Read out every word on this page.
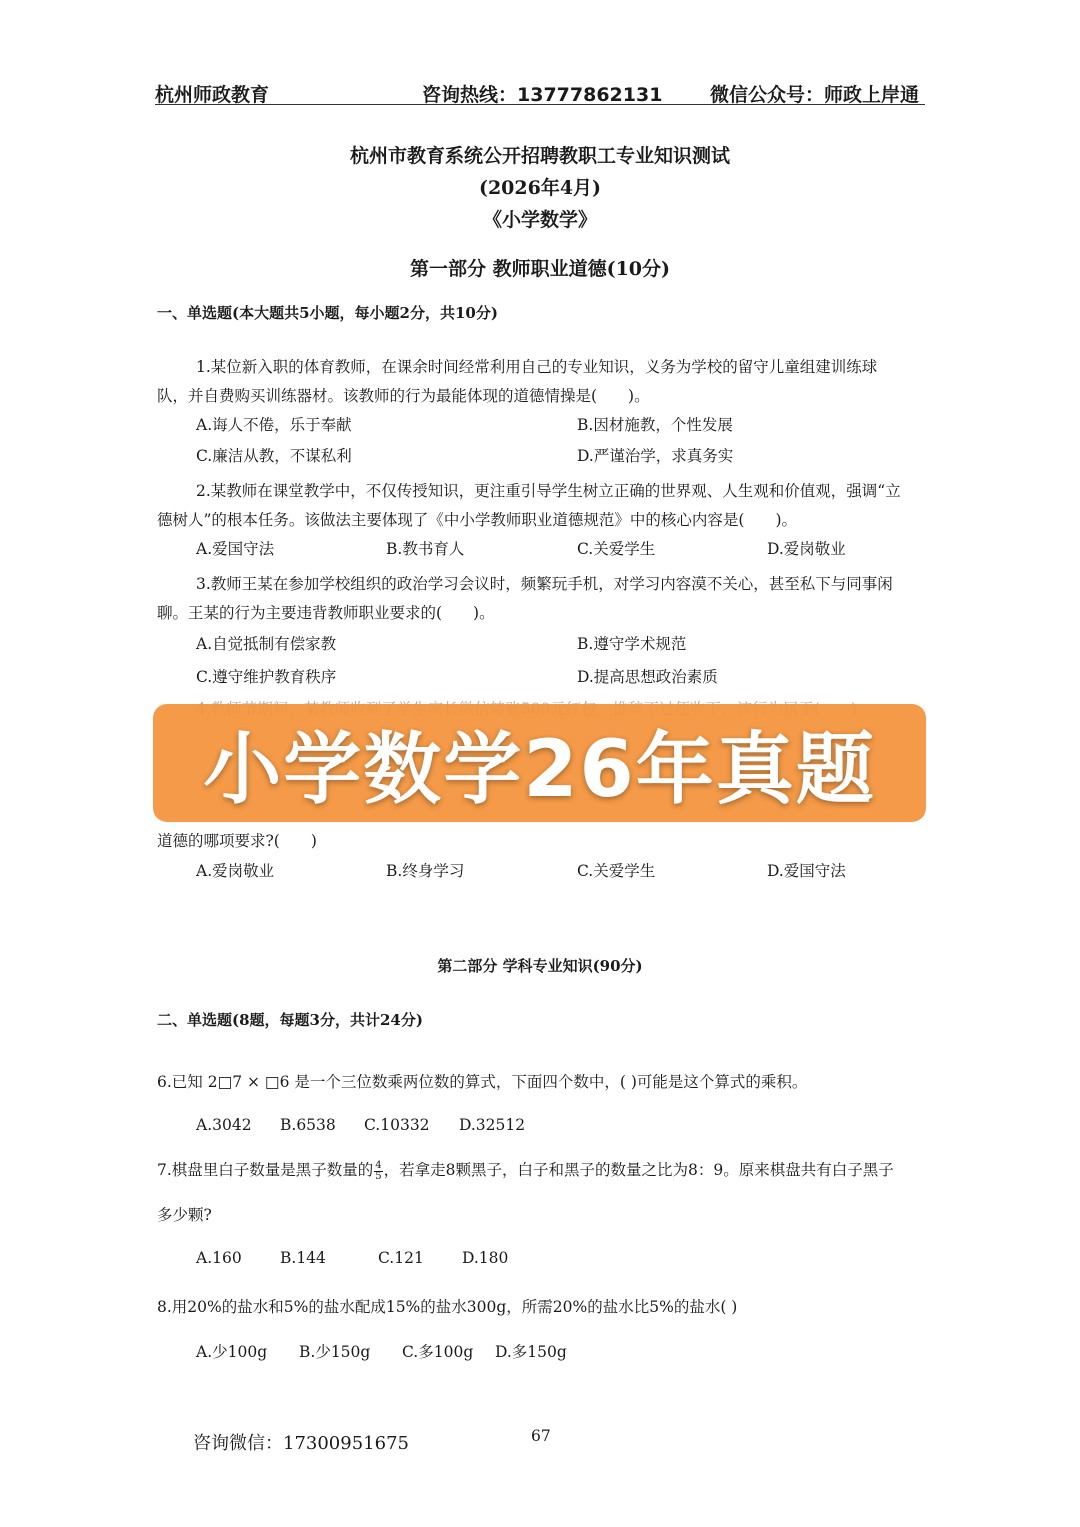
杭州师政教育	咨询热线：13777862131	微信公众号：师政上岸通
杭州市教育系统公开招聘教职工专业知识测试
(2026年4月)
《小学数学》
第一部分 教师职业道德(10分)
一、单选题(本大题共5小题，每小题2分，共10分)
1.某位新入职的体育教师，在课余时间经常利用自己的专业知识，义务为学校的留守儿童组建训练球
队，并自费购买训练器材。该教师的行为最能体现的道德情操是(　　)。
A.诲人不倦，乐于奉献	B.因材施教，个性发展
C.廉洁从教，不谋私利	D.严谨治学，求真务实
2.某教师在课堂教学中，不仅传授知识，更注重引导学生树立正确的世界观、人生观和价值观，强调“立
德树人”的根本任务。该做法主要体现了《中小学教师职业道德规范》中的核心内容是(　　)。
A.爱国守法	B.教书育人	C.关爱学生	D.爱岗敬业
3.教师王某在参加学校组织的政治学习会议时，频繁玩手机，对学习内容漠不关心，甚至私下与同事闲
聊。王某的行为主要违背教师职业要求的(　　)。
A.自觉抵制有偿家教	B.遵守学术规范
C.遵守维护教育秩序	D.提高思想政治素质
小学数学26年真题
道德的哪项要求?(　　)
A.爱岗敬业	B.终身学习	C.关爱学生	D.爱国守法
第二部分 学科专业知识(90分)
二、单选题(8题，每题3分，共计24分)
6.已知 2□7 × □6 是一个三位数乘两位数的算式，下面四个数中，( )可能是这个算式的乘积。
A.3042 B.6538 C.10332 D.32512
7.棋盘里白子数量是黑子数量的 $\frac{4}{5}$ ，若拿走8颗黑子，白子和黑子的数量之比为8：9。原来棋盘共有白子黑子
多少颗?
A.160 B.144	C.121 D.180
8.用20%的盐水和5%的盐水配成15%的盐水300g，所需20%的盐水比5%的盐水( )
A.少100g B.少150g C.多100g D.多150g
咨询微信：17300951675	67
